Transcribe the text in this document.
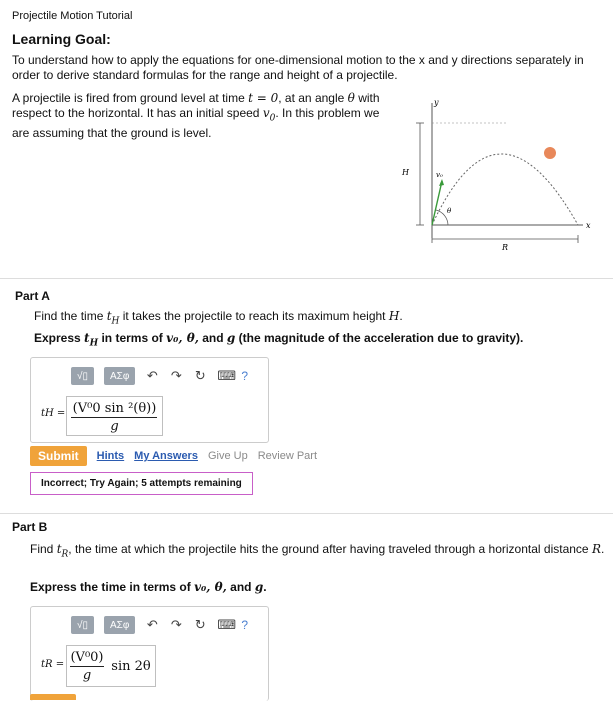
Projectile Motion Tutorial
Learning Goal:
To understand how to apply the equations for one-dimensional motion to the x and y directions separately in order to derive standard formulas for the range and height of a projectile.
A projectile is fired from ground level at time t = 0, at an angle θ with respect to the horizontal. It has an initial speed $v_0$. In this problem we are assuming that the ground is level.
y
x
H
R
v₀
θ
Part A
Find the time $t_H$ it takes the projectile to reach its maximum height H.
Express $t_H$ in terms of v₀, θ, and g (the magnitude of the acceleration due to gravity).
√▯	ΑΣφ	↶ ↷ ↻ ⌨ ?
tH = (V⁰0 sin ²(θ))
g
Submit	Hints My Answers Give Up Review Part
Incorrect; Try Again; 5 attempts remaining
Part B
Find $t_R$, the time at which the projectile hits the ground after having traveled through a horizontal distance R.
Express the time in terms of v₀, θ, and g.
√▯	ΑΣφ	↶ ↷ ↻ ⌨ ?
tR = (V⁰0)
g
sin 2θ
